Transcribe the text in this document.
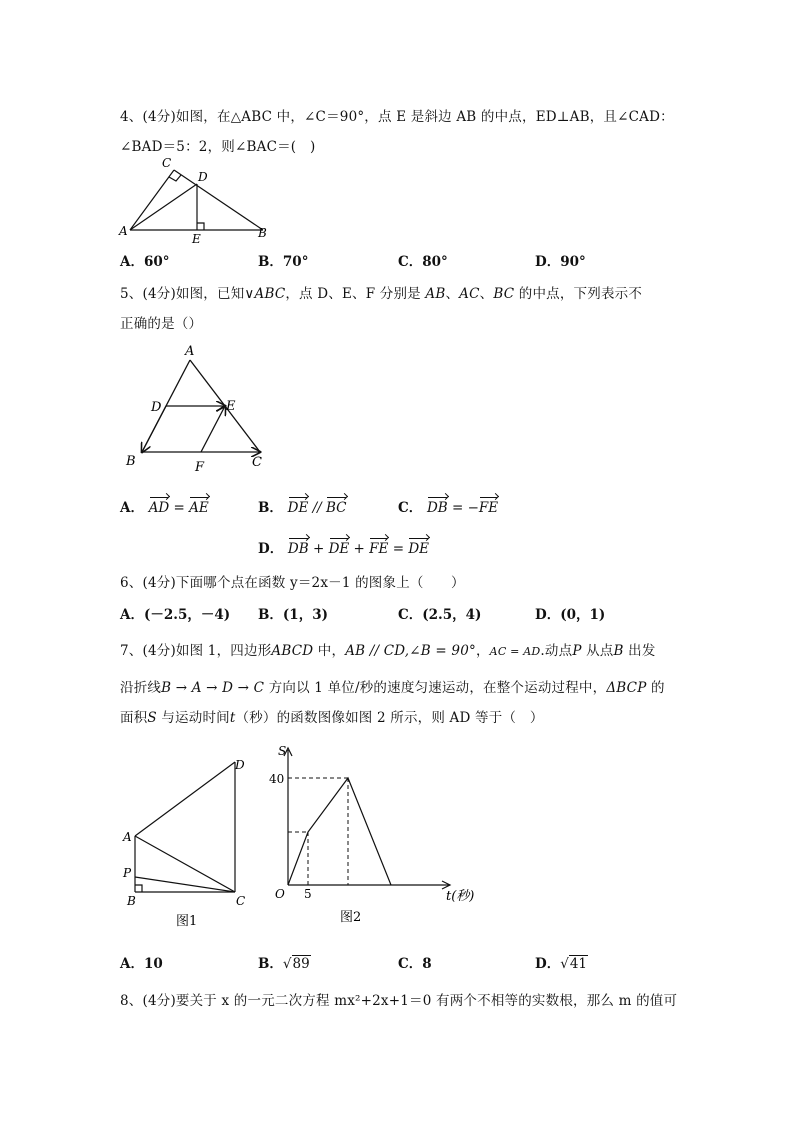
4、(4分)如图，在△ABC 中，∠C＝90°，点 E 是斜边 AB 的中点，ED⊥AB，且∠CAD：
∠BAD＝5：2，则∠BAC＝(　)
C
D
A
E	B
A．60°	B．70°	C．80°	D．90°
5、(4分)如图，已知∨ABC，点 D、E、F 分别是 AB、AC、BC 的中点，下列表示不
正确的是（）
A
D	E
B	F	C
A． AD = AE	B． DE // BC	C． DB = −FE
D． DB + DE + FE = DE
6、(4分)下面哪个点在函数 y＝2x－1 的图象上（　　）
A．(－2.5，－4) B．(1，3)	C．(2.5，4)	D．(0，1)
7、(4分)如图 1，四边形ABCD 中，AB // CD,∠B = 90°，AC = AD.动点P 从点B 出发
沿折线B → A → D → C 方向以 1 单位/秒的速度匀速运动，在整个运动过程中，ΔBCP 的
面积S 与运动时间t（秒）的函数图像如图 2 所示，则 AD 等于（　）
D
A
P
B	C
图1
S
40
O 5	t(秒)
图2
A．10	B．√89	C．8	D．√41
8、(4分)要关于 x 的一元二次方程 mx²+2x+1＝0 有两个不相等的实数根，那么 m 的值可
